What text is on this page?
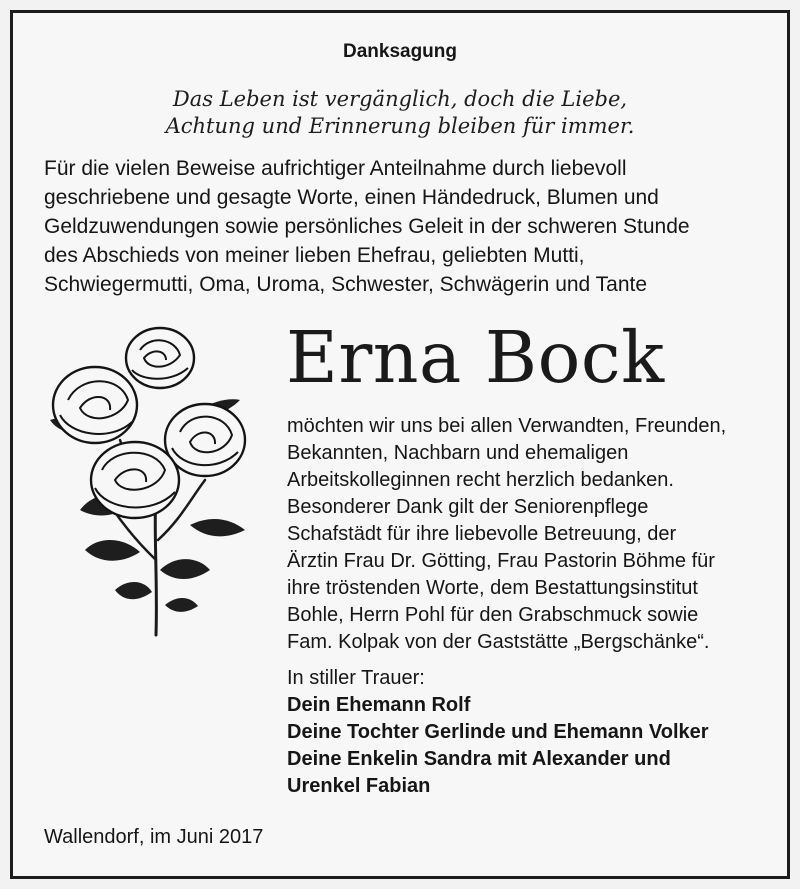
Danksagung
Das Leben ist vergänglich, doch die Liebe,
Achtung und Erinnerung bleiben für immer.
Für die vielen Beweise aufrichtiger Anteilnahme durch liebevoll
geschriebene und gesagte Worte, einen Händedruck, Blumen und
Geldzuwendungen sowie persönliches Geleit in der schweren Stunde
des Abschieds von meiner lieben Ehefrau, geliebten Mutti,
Schwiegermutti, Oma, Uroma, Schwester, Schwägerin und Tante
Erna Bock
möchten wir uns bei allen Verwandten, Freunden,
Bekannten, Nachbarn und ehemaligen
Arbeitskolleginnen recht herzlich bedanken.
Besonderer Dank gilt der Seniorenpflege
Schafstädt für ihre liebevolle Betreuung, der
Ärztin Frau Dr. Götting, Frau Pastorin Böhme für
ihre tröstenden Worte, dem Bestattungsinstitut
Bohle, Herrn Pohl für den Grabschmuck sowie
Fam. Kolpak von der Gaststätte „Bergschänke“.
In stiller Trauer:
Dein Ehemann Rolf
Deine Tochter Gerlinde und Ehemann Volker
Deine Enkelin Sandra mit Alexander und
Urenkel Fabian
Wallendorf, im Juni 2017
